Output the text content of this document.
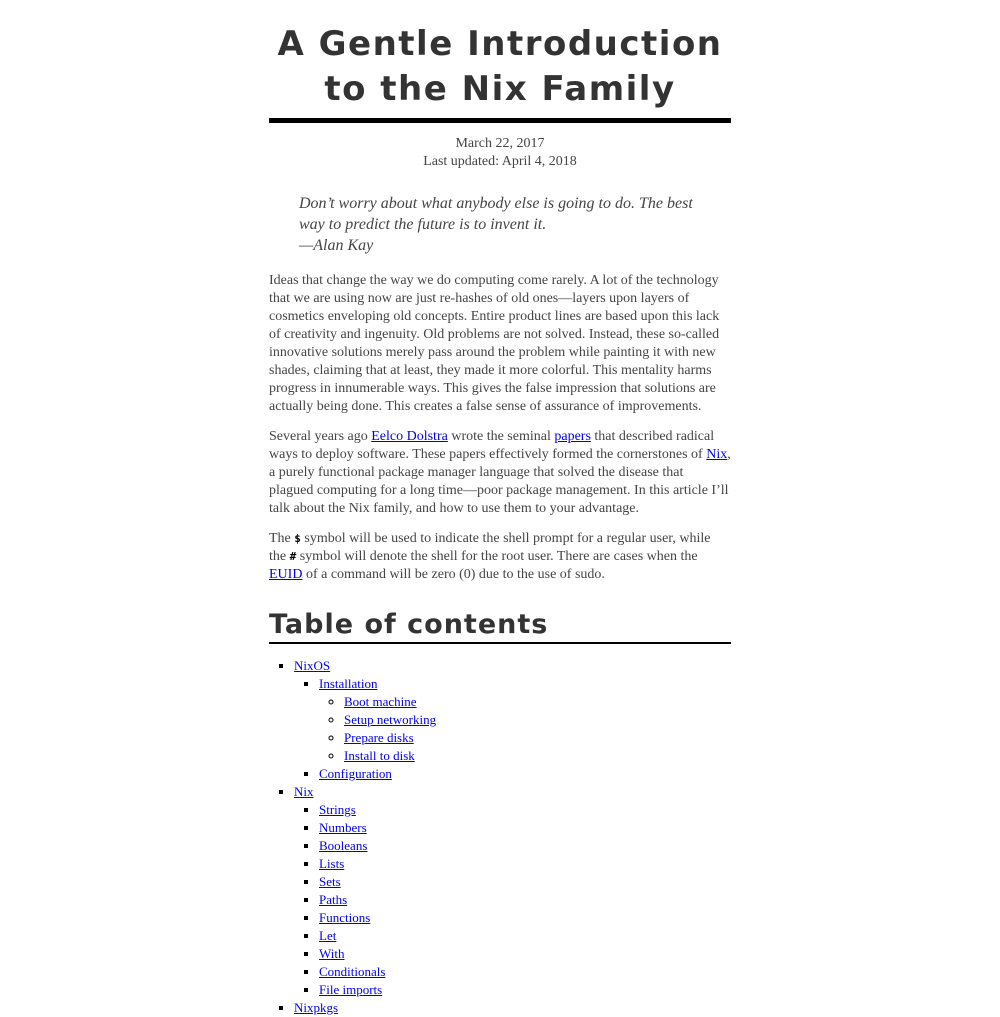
A Gentle Introduction to the Nix Family
March 22, 2017
Last updated: April 4, 2018
Don’t worry about what anybody else is going to do. The best way to predict the future is to invent it.
—Alan Kay

Ideas that change the way we do computing come rarely. A lot of the technology that we are using now are just re-hashes of old ones—layers upon layers of cosmetics enveloping old concepts. Entire product lines are based upon this lack of creativity and ingenuity. Old problems are not solved. Instead, these so-called innovative solutions merely pass around the problem while painting it with new shades, claiming that at least, they made it more colorful. This mentality harms progress in innumerable ways. This gives the false impression that solutions are actually being done. This creates a false sense of assurance of improvements.

Several years ago Eelco Dolstra wrote the seminal papers that described radical ways to deploy software. These papers effectively formed the cornerstones of Nix, a purely functional package manager language that solved the disease that plagued computing for a long time—poor package management. In this article I’ll talk about the Nix family, and how to use them to your advantage.

The $ symbol will be used to indicate the shell prompt for a regular user, while the # symbol will denote the shell for the root user. There are cases when the EUID of a command will be zero (0) due to the use of sudo.

Table of contents
▪ NixOS
▪ Installation
◦ Boot machine
◦ Setup networking
◦ Prepare disks
◦ Install to disk
▪ Configuration
▪ Nix
▪ Strings
▪ Numbers
▪ Booleans
▪ Lists
▪ Sets
▪ Paths
▪ Functions
▪ Let
▪ With
▪ Conditionals
▪ File imports
▪ Nixpkgs
